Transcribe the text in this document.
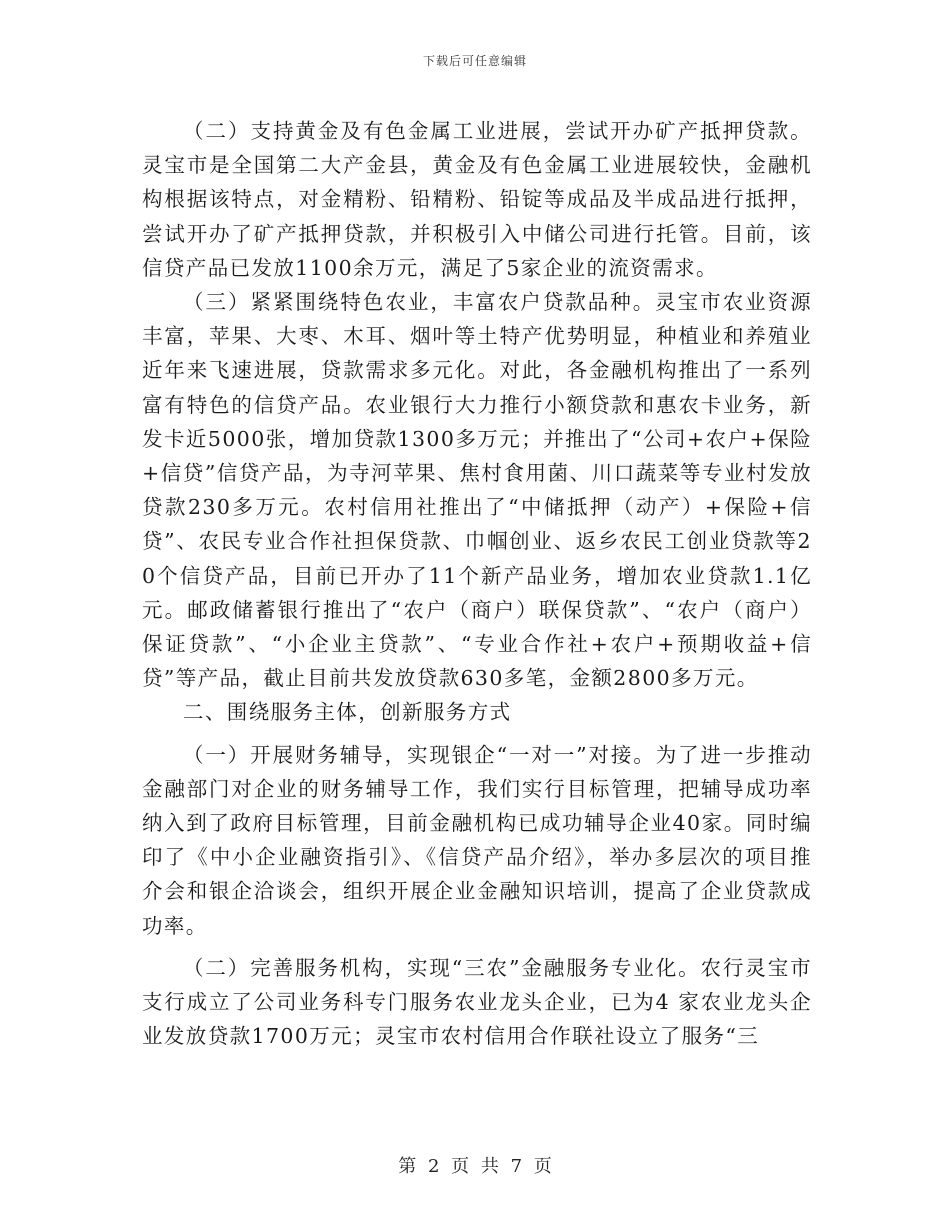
下载后可任意编辑

（二）支持黄金及有色金属工业进展，尝试开办矿产抵押贷款。灵宝市是全国第二大产金县，黄金及有色金属工业进展较快，金融机构根据该特点，对金精粉、铅精粉、铅锭等成品及半成品进行抵押，尝试开办了矿产抵押贷款，并积极引入中储公司进行托管。目前，该信贷产品已发放1100余万元，满足了5家企业的流资需求。

（三）紧紧围绕特色农业，丰富农户贷款品种。灵宝市农业资源丰富，苹果、大枣、木耳、烟叶等土特产优势明显，种植业和养殖业近年来飞速进展，贷款需求多元化。对此，各金融机构推出了一系列富有特色的信贷产品。农业银行大力推行小额贷款和惠农卡业务，新发卡近5000张，增加贷款1300多万元；并推出了“公司+农户+保险+信贷”信贷产品，为寺河苹果、焦村食用菌、川口蔬菜等专业村发放贷款230多万元。农村信用社推出了“中储抵押（动产）+保险+信贷”、农民专业合作社担保贷款、巾帼创业、返乡农民工创业贷款等20个信贷产品，目前已开办了11个新产品业务，增加农业贷款1.1亿元。邮政储蓄银行推出了“农户（商户）联保贷款”、“农户（商户）保证贷款”、“小企业主贷款”、“专业合作社+农户+预期收益+信贷”等产品，截止目前共发放贷款630多笔，金额2800多万元。

二、围绕服务主体，创新服务方式

（一）开展财务辅导，实现银企“一对一”对接。为了进一步推动金融部门对企业的财务辅导工作，我们实行目标管理，把辅导成功率纳入到了政府目标管理，目前金融机构已成功辅导企业40家。同时编印了《中小企业融资指引》、《信贷产品介绍》，举办多层次的项目推介会和银企洽谈会，组织开展企业金融知识培训，提高了企业贷款成功率。

（二）完善服务机构，实现“三农”金融服务专业化。农行灵宝市支行成立了公司业务科专门服务农业龙头企业，已为4 家农业龙头企业发放贷款1700万元；灵宝市农村信用合作联社设立了服务“三

第 2 页 共 7 页
